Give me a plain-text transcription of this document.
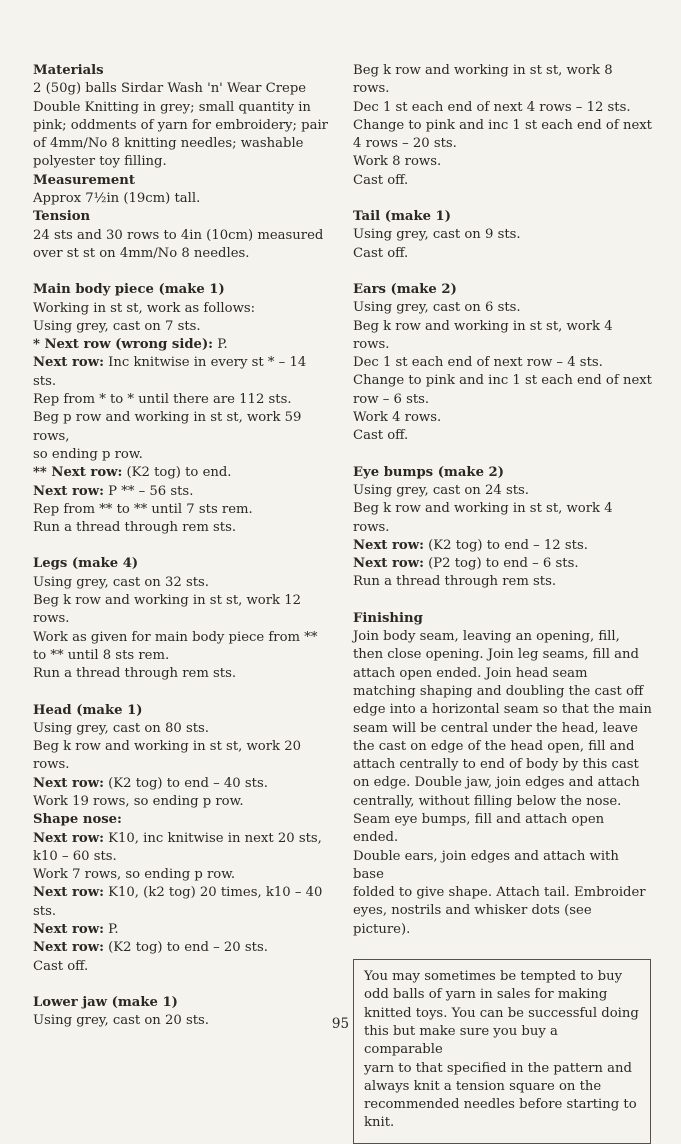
Materials
2 (50g) balls Sirdar Wash 'n' Wear Crepe
Double Knitting in grey; small quantity in
pink; oddments of yarn for embroidery; pair
of 4mm/No 8 knitting needles; washable
polyester toy filling.
Measurement
Approx 7½in (19cm) tall.
Tension
24 sts and 30 rows to 4in (10cm) measured
over st st on 4mm/No 8 needles.
Main body piece (make 1)
Working in st st, work as follows:
Using grey, cast on 7 sts.
* Next row (wrong side): P.
Next row: Inc knitwise in every st * – 14
sts.
Rep from * to * until there are 112 sts.
Beg p row and working in st st, work 59 rows,
so ending p row.
** Next row: (K2 tog) to end.
Next row: P ** – 56 sts.
Rep from ** to ** until 7 sts rem.
Run a thread through rem sts.
Legs (make 4)
Using grey, cast on 32 sts.
Beg k row and working in st st, work 12
rows.
Work as given for main body piece from **
to ** until 8 sts rem.
Run a thread through rem sts.
Head (make 1)
Using grey, cast on 80 sts.
Beg k row and working in st st, work 20
rows.
Next row: (K2 tog) to end – 40 sts.
Work 19 rows, so ending p row.
Shape nose:
Next row: K10, inc knitwise in next 20 sts,
k10 – 60 sts.
Work 7 rows, so ending p row.
Next row: K10, (k2 tog) 20 times, k10 – 40
sts.
Next row: P.
Next row: (K2 tog) to end – 20 sts.
Cast off.
Lower jaw (make 1)
Using grey, cast on 20 sts.
Beg k row and working in st st, work 8 rows.
Dec 1 st each end of next 4 rows – 12 sts.
Change to pink and inc 1 st each end of next
4 rows – 20 sts.
Work 8 rows.
Cast off.
Tail (make 1)
Using grey, cast on 9 sts.
Cast off.
Ears (make 2)
Using grey, cast on 6 sts.
Beg k row and working in st st, work 4 rows.
Dec 1 st each end of next row – 4 sts.
Change to pink and inc 1 st each end of next
row – 6 sts.
Work 4 rows.
Cast off.
Eye bumps (make 2)
Using grey, cast on 24 sts.
Beg k row and working in st st, work 4 rows.
Next row: (K2 tog) to end – 12 sts.
Next row: (P2 tog) to end – 6 sts.
Run a thread through rem sts.
Finishing
Join body seam, leaving an opening, fill,
then close opening. Join leg seams, fill and
attach open ended. Join head seam
matching shaping and doubling the cast off
edge into a horizontal seam so that the main
seam will be central under the head, leave
the cast on edge of the head open, fill and
attach centrally to end of body by this cast
on edge. Double jaw, join edges and attach
centrally, without filling below the nose.
Seam eye bumps, fill and attach open ended.
Double ears, join edges and attach with base
folded to give shape. Attach tail. Embroider
eyes, nostrils and whisker dots (see picture).
You may sometimes be tempted to buy
odd balls of yarn in sales for making
knitted toys. You can be successful doing
this but make sure you buy a comparable
yarn to that specified in the pattern and
always knit a tension square on the
recommended needles before starting to
knit.
95
